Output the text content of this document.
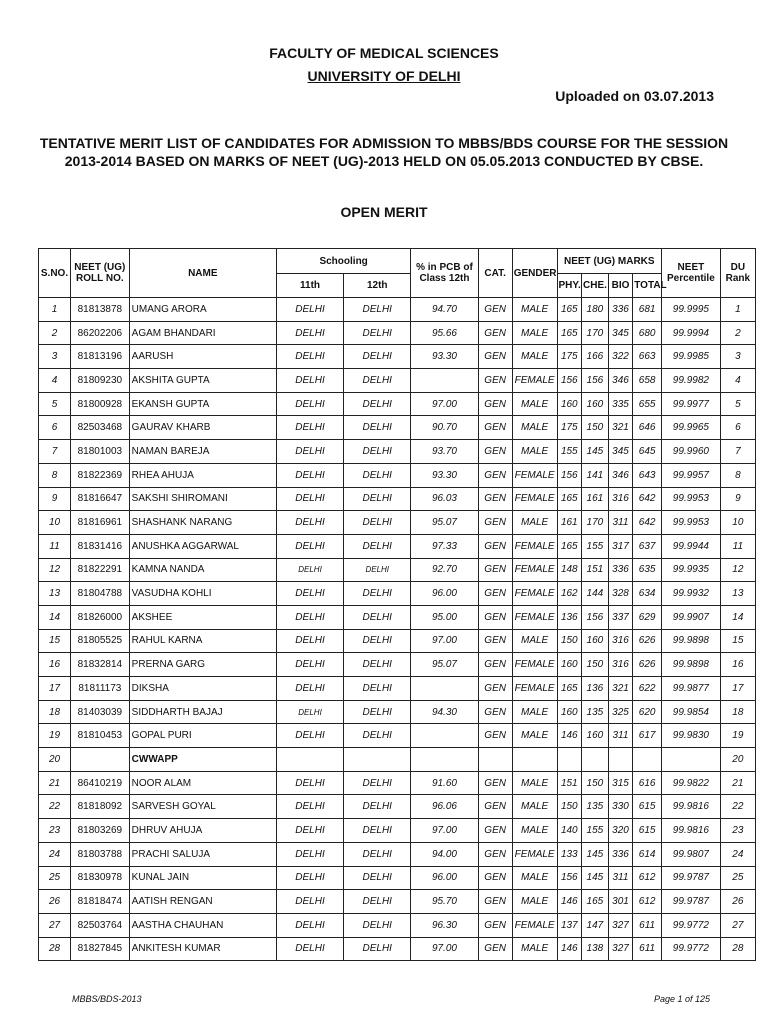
FACULTY OF MEDICAL SCIENCES
UNIVERSITY OF DELHI
Uploaded on 03.07.2013
TENTATIVE MERIT LIST OF CANDIDATES FOR ADMISSION TO MBBS/BDS COURSE FOR THE SESSION
2013-2014 BASED ON MARKS OF NEET (UG)-2013 HELD ON 05.05.2013 CONDUCTED BY CBSE.
OPEN MERIT
S.NO.	NEET (UG) ROLL NO.	NAME	Schooling		% in PCB of Class 12th	CAT.	GENDER	NEET (UG) MARKS				NEET Percentile	DU Rank
			11th	12th				PHY.	CHE.	BIO	TOTAL		
1	81813878	UMANG ARORA	DELHI	DELHI	94.70	GEN	MALE	165	180	336	681	99.9995	1
2	86202206	AGAM BHANDARI	DELHI	DELHI	95.66	GEN	MALE	165	170	345	680	99.9994	2
3	81813196	AARUSH	DELHI	DELHI	93.30	GEN	MALE	175	166	322	663	99.9985	3
4	81809230	AKSHITA GUPTA	DELHI	DELHI		GEN	FEMALE	156	156	346	658	99.9982	4
5	81800928	EKANSH GUPTA	DELHI	DELHI	97.00	GEN	MALE	160	160	335	655	99.9977	5
6	82503468	GAURAV KHARB	DELHI	DELHI	90.70	GEN	MALE	175	150	321	646	99.9965	6
7	81801003	NAMAN BAREJA	DELHI	DELHI	93.70	GEN	MALE	155	145	345	645	99.9960	7
8	81822369	RHEA AHUJA	DELHI	DELHI	93.30	GEN	FEMALE	156	141	346	643	99.9957	8
9	81816647	SAKSHI SHIROMANI	DELHI	DELHI	96.03	GEN	FEMALE	165	161	316	642	99.9953	9
10	81816961	SHASHANK NARANG	DELHI	DELHI	95.07	GEN	MALE	161	170	311	642	99.9953	10
11	81831416	ANUSHKA AGGARWAL	DELHI	DELHI	97.33	GEN	FEMALE	165	155	317	637	99.9944	11
12	81822291	KAMNA NANDA	DELHI	DELHI	92.70	GEN	FEMALE	148	151	336	635	99.9935	12
13	81804788	VASUDHA KOHLI	DELHI	DELHI	96.00	GEN	FEMALE	162	144	328	634	99.9932	13
14	81826000	AKSHEE	DELHI	DELHI	95.00	GEN	FEMALE	136	156	337	629	99.9907	14
15	81805525	RAHUL KARNA	DELHI	DELHI	97.00	GEN	MALE	150	160	316	626	99.9898	15
16	81832814	PRERNA GARG	DELHI	DELHI	95.07	GEN	FEMALE	160	150	316	626	99.9898	16
17	81811173	DIKSHA	DELHI	DELHI		GEN	FEMALE	165	136	321	622	99.9877	17
18	81403039	SIDDHARTH BAJAJ	DELHI	DELHI	94.30	GEN	MALE	160	135	325	620	99.9854	18
19	81810453	GOPAL PURI	DELHI	DELHI		GEN	MALE	146	160	311	617	99.9830	19
20		CWWAPP											20
21	86410219	NOOR ALAM	DELHI	DELHI	91.60	GEN	MALE	151	150	315	616	99.9822	21
22	81818092	SARVESH GOYAL	DELHI	DELHI	96.06	GEN	MALE	150	135	330	615	99.9816	22
23	81803269	DHRUV AHUJA	DELHI	DELHI	97.00	GEN	MALE	140	155	320	615	99.9816	23
24	81803788	PRACHI SALUJA	DELHI	DELHI	94.00	GEN	FEMALE	133	145	336	614	99.9807	24
25	81830978	KUNAL JAIN	DELHI	DELHI	96.00	GEN	MALE	156	145	311	612	99.9787	25
26	81818474	AATISH RENGAN	DELHI	DELHI	95.70	GEN	MALE	146	165	301	612	99.9787	26
27	82503764	AASTHA CHAUHAN	DELHI	DELHI	96.30	GEN	FEMALE	137	147	327	611	99.9772	27
28	81827845	ANKITESH KUMAR	DELHI	DELHI	97.00	GEN	MALE	146	138	327	611	99.9772	28
MBBS/BDS-2013	Page 1 of 125
